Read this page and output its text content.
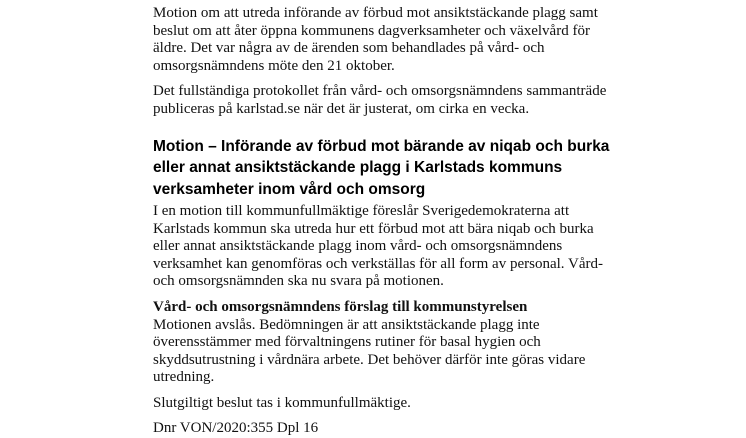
Motion om att utreda införande av förbud mot ansiktstäckande plagg samt beslut om att åter öppna kommunens dagverksamheter och växelvård för äldre. Det var några av de ärenden som behandlades på vård- och omsorgsnämndens möte den 21 oktober.

Det fullständiga protokollet från vård- och omsorgsnämndens sammanträde publiceras på karlstad.se när det är justerat, om cirka en vecka.

Motion – Införande av förbud mot bärande av niqab och burka eller annat ansiktstäckande plagg i Karlstads kommuns verksamheter inom vård och omsorg

I en motion till kommunfullmäktige föreslår Sverigedemokraterna att Karlstads kommun ska utreda hur ett förbud mot att bära niqab och burka eller annat ansiktstäckande plagg inom vård- och omsorgsnämndens verksamhet kan genomföras och verkställas för all form av personal. Vård- och omsorgsnämnden ska nu svara på motionen.

Vård- och omsorgsnämndens förslag till kommunstyrelsen

Motionen avslås. Bedömningen är att ansiktstäckande plagg inte överensstämmer med förvaltningens rutiner för basal hygien och skyddsutrustning i vårdnära arbete. Det behöver därför inte göras vidare utredning.

Slutgiltigt beslut tas i kommunfullmäktige.

Dnr VON/2020:355 Dpl 16
